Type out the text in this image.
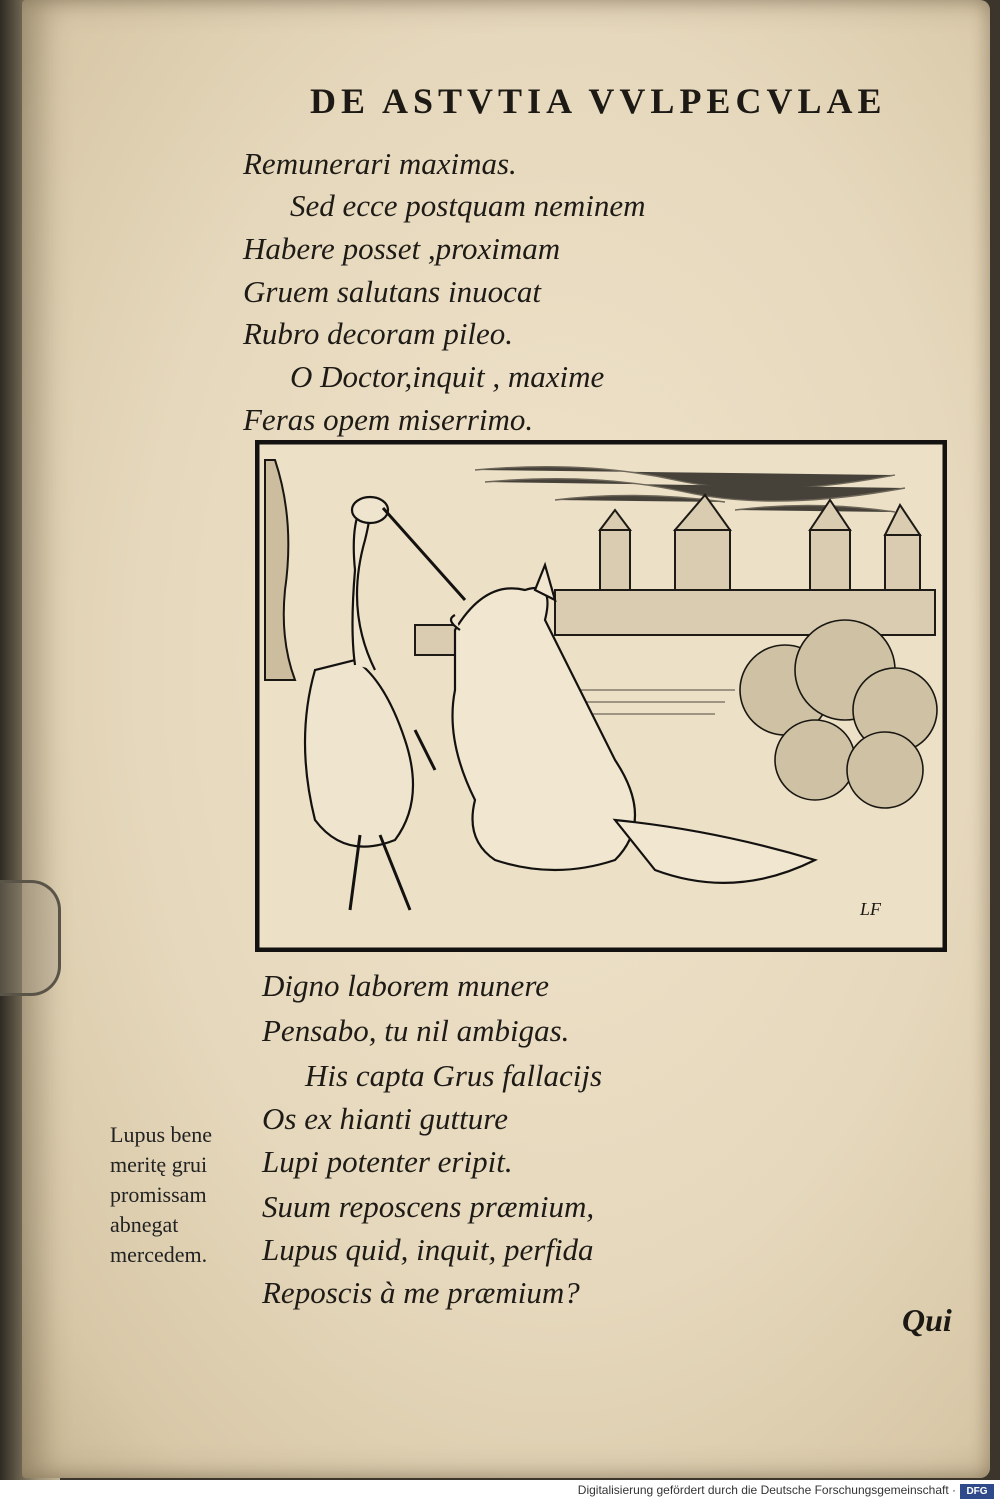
DE ASTVTIA VVLPECVLAE
Remunerari maximas.
Sed ecce postquam neminem
Habere posset ,proximam
Gruem salutans inuocat
Rubro decoram pileo.
O Doctor,inquit , maxime
Feras opem miserrimo.
LF
Digno laborem munere
Pensabo, tu nil ambigas.
His capta Grus fallacijs
Os ex hianti gutture
Lupi potenter eripit.
Suum reposcens præmium,
Lupus quid, inquit, perfida
Reposcis à me præmium?
Lupus bene
meritę grui
promissam
abnegat
mercedem.
Qui
Digitalisierung gefördert durch die Deutsche Forschungsgemeinschaft ·	DFG
